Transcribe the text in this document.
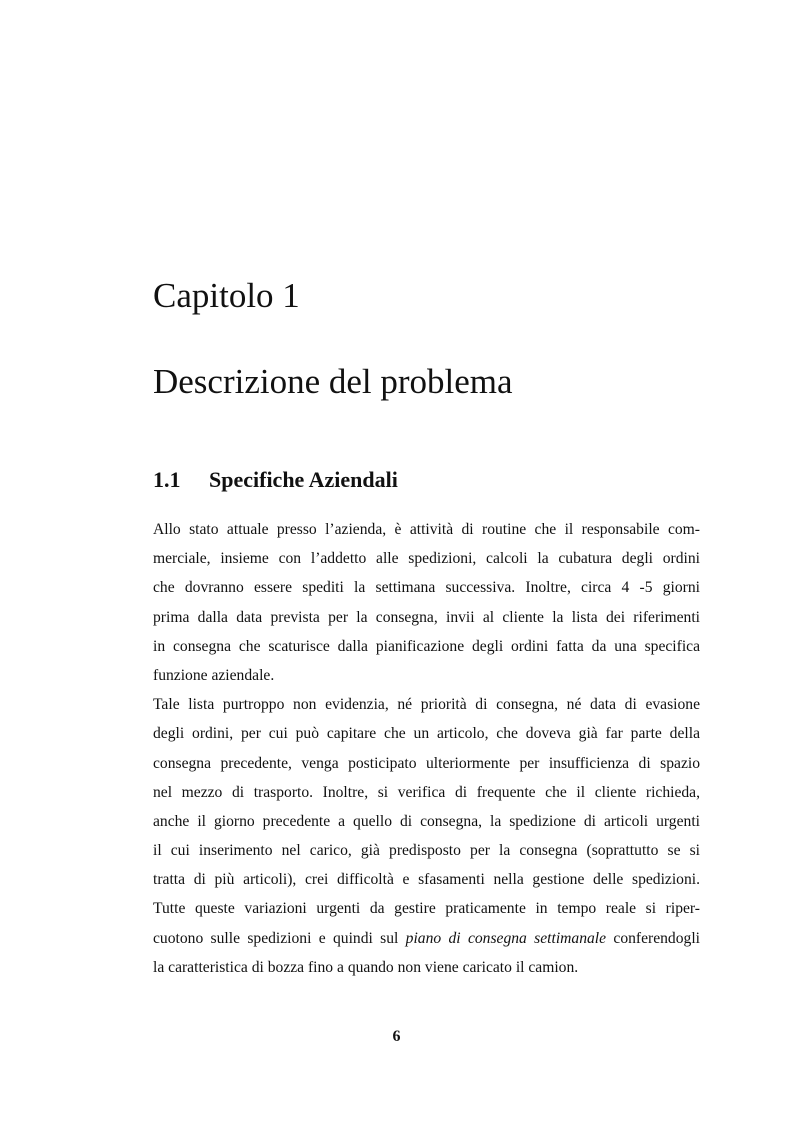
Capitolo 1
Descrizione del problema
1.1 Specifiche Aziendali
Allo stato attuale presso l’azienda, è attività di routine che il responsabile com-
merciale, insieme con l’addetto alle spedizioni, calcoli la cubatura degli ordini
che dovranno essere spediti la settimana successiva. Inoltre, circa 4 -5 giorni
prima dalla data prevista per la consegna, invii al cliente la lista dei riferimenti
in consegna che scaturisce dalla pianificazione degli ordini fatta da una specifica
funzione aziendale.
Tale lista purtroppo non evidenzia, né priorità di consegna, né data di evasione
degli ordini, per cui può capitare che un articolo, che doveva già far parte della
consegna precedente, venga posticipato ulteriormente per insufficienza di spazio
nel mezzo di trasporto. Inoltre, si verifica di frequente che il cliente richieda,
anche il giorno precedente a quello di consegna, la spedizione di articoli urgenti
il cui inserimento nel carico, già predisposto per la consegna (soprattutto se si
tratta di più articoli), crei difficoltà e sfasamenti nella gestione delle spedizioni.
Tutte queste variazioni urgenti da gestire praticamente in tempo reale si riper-
cuotono sulle spedizioni e quindi sul piano di consegna settimanale conferendogli
la caratteristica di bozza fino a quando non viene caricato il camion.
6
